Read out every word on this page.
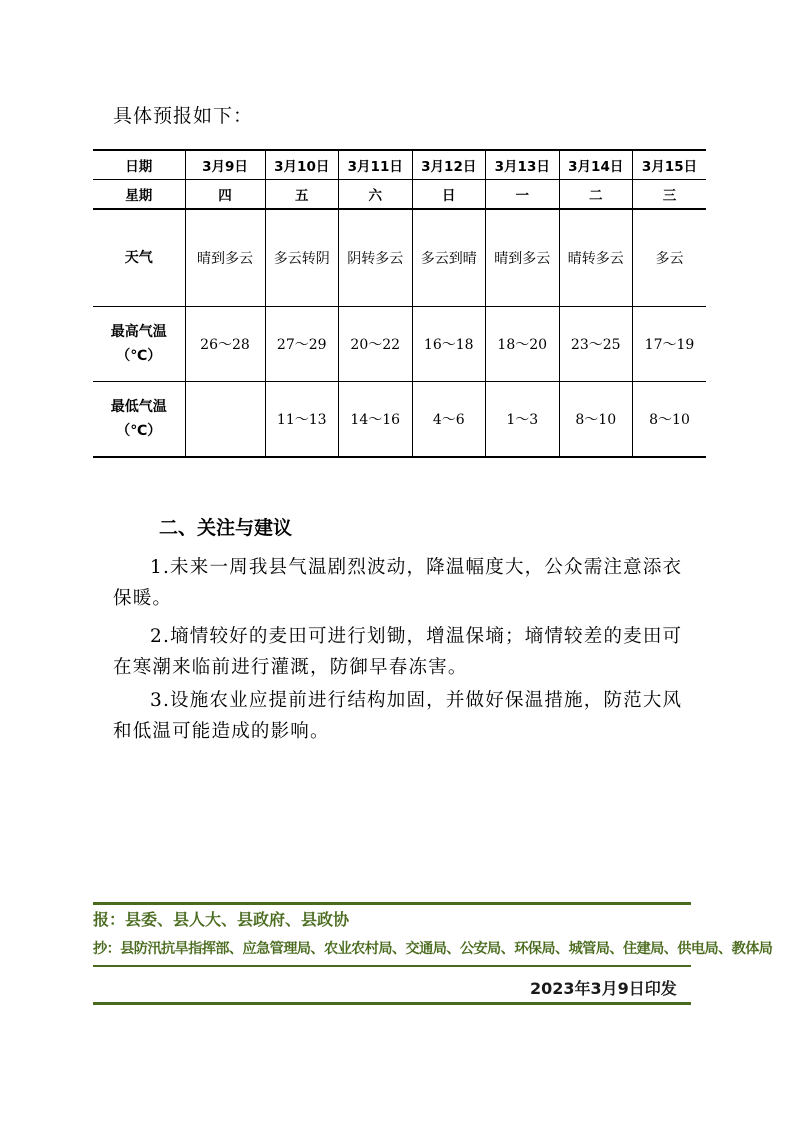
具体预报如下：
日期	3月9日	3月10日	3月11日	3月12日	3月13日	3月14日	3月15日
星期	四	五	六	日	一	二	三
天气	晴到多云	多云转阴	阴转多云	多云到晴	晴到多云	晴转多云	多云

最高气温
（℃）	26～28	27～29	20～22	16～18	18～20	23～25	17～19

最低气温
（℃）		11～13	14～16	4～6	1～3	8～10	8～10
二、关注与建议
1.未来一周我县气温剧烈波动，降温幅度大，公众需注意添衣保暖。
2.墒情较好的麦田可进行划锄，增温保墒；墒情较差的麦田可在寒潮来临前进行灌溉，防御早春冻害。
3.设施农业应提前进行结构加固，并做好保温措施，防范大风和低温可能造成的影响。
报：县委、县人大、县政府、县政协
抄：县防汛抗旱指挥部、应急管理局、农业农村局、交通局、公安局、环保局、城管局、住建局、供电局、教体局
2023年3月9日印发
